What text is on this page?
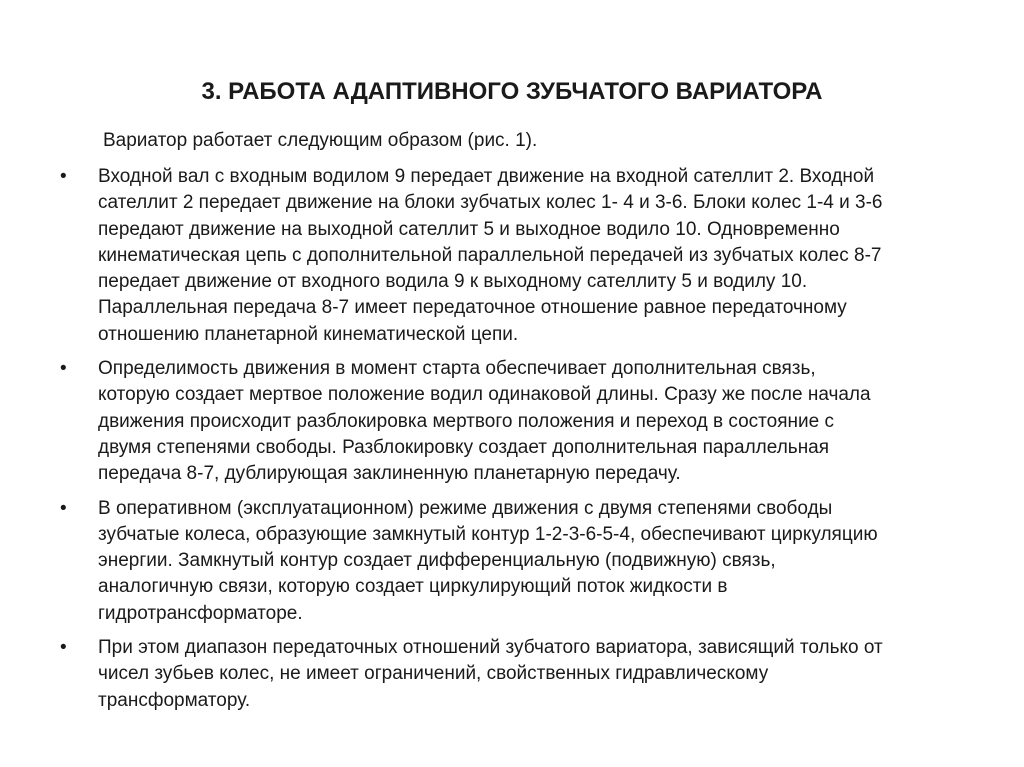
3. РАБОТА АДАПТИВНОГО ЗУБЧАТОГО ВАРИАТОРА
Вариатор работает следующим образом (рис. 1).
•	Входной вал с входным водилом 9 передает движение на входной сателлит 2. Входной
сателлит 2 передает движение на блоки зубчатых колес 1- 4 и 3-6. Блоки колес 1-4 и 3-6
передают движение на выходной сателлит 5 и выходное водило 10. Одновременно
кинематическая цепь с дополнительной параллельной передачей из зубчатых колес 8-7
передает движение от входного водила 9 к выходному сателлиту 5 и водилу 10.
Параллельная передача 8-7 имеет передаточное отношение равное передаточному
отношению планетарной кинематической цепи.
•	Определимость движения в момент старта обеспечивает дополнительная связь,
которую создает мертвое положение водил одинаковой длины. Сразу же после начала
движения происходит разблокировка мертвого положения и переход в состояние с
двумя степенями свободы. Разблокировку создает дополнительная параллельная
передача 8-7, дублирующая заклиненную планетарную передачу.
•	В оперативном (эксплуатационном) режиме движения с двумя степенями свободы
зубчатые колеса, образующие замкнутый контур 1-2-3-6-5-4, обеспечивают циркуляцию
энергии. Замкнутый контур создает дифференциальную (подвижную) связь,
аналогичную связи, которую создает циркулирующий поток жидкости в
гидротрансформаторе.
•	При этом диапазон передаточных отношений зубчатого вариатора, зависящий только от
чисел зубьев колес, не имеет ограничений, свойственных гидравлическому
трансформатору.
